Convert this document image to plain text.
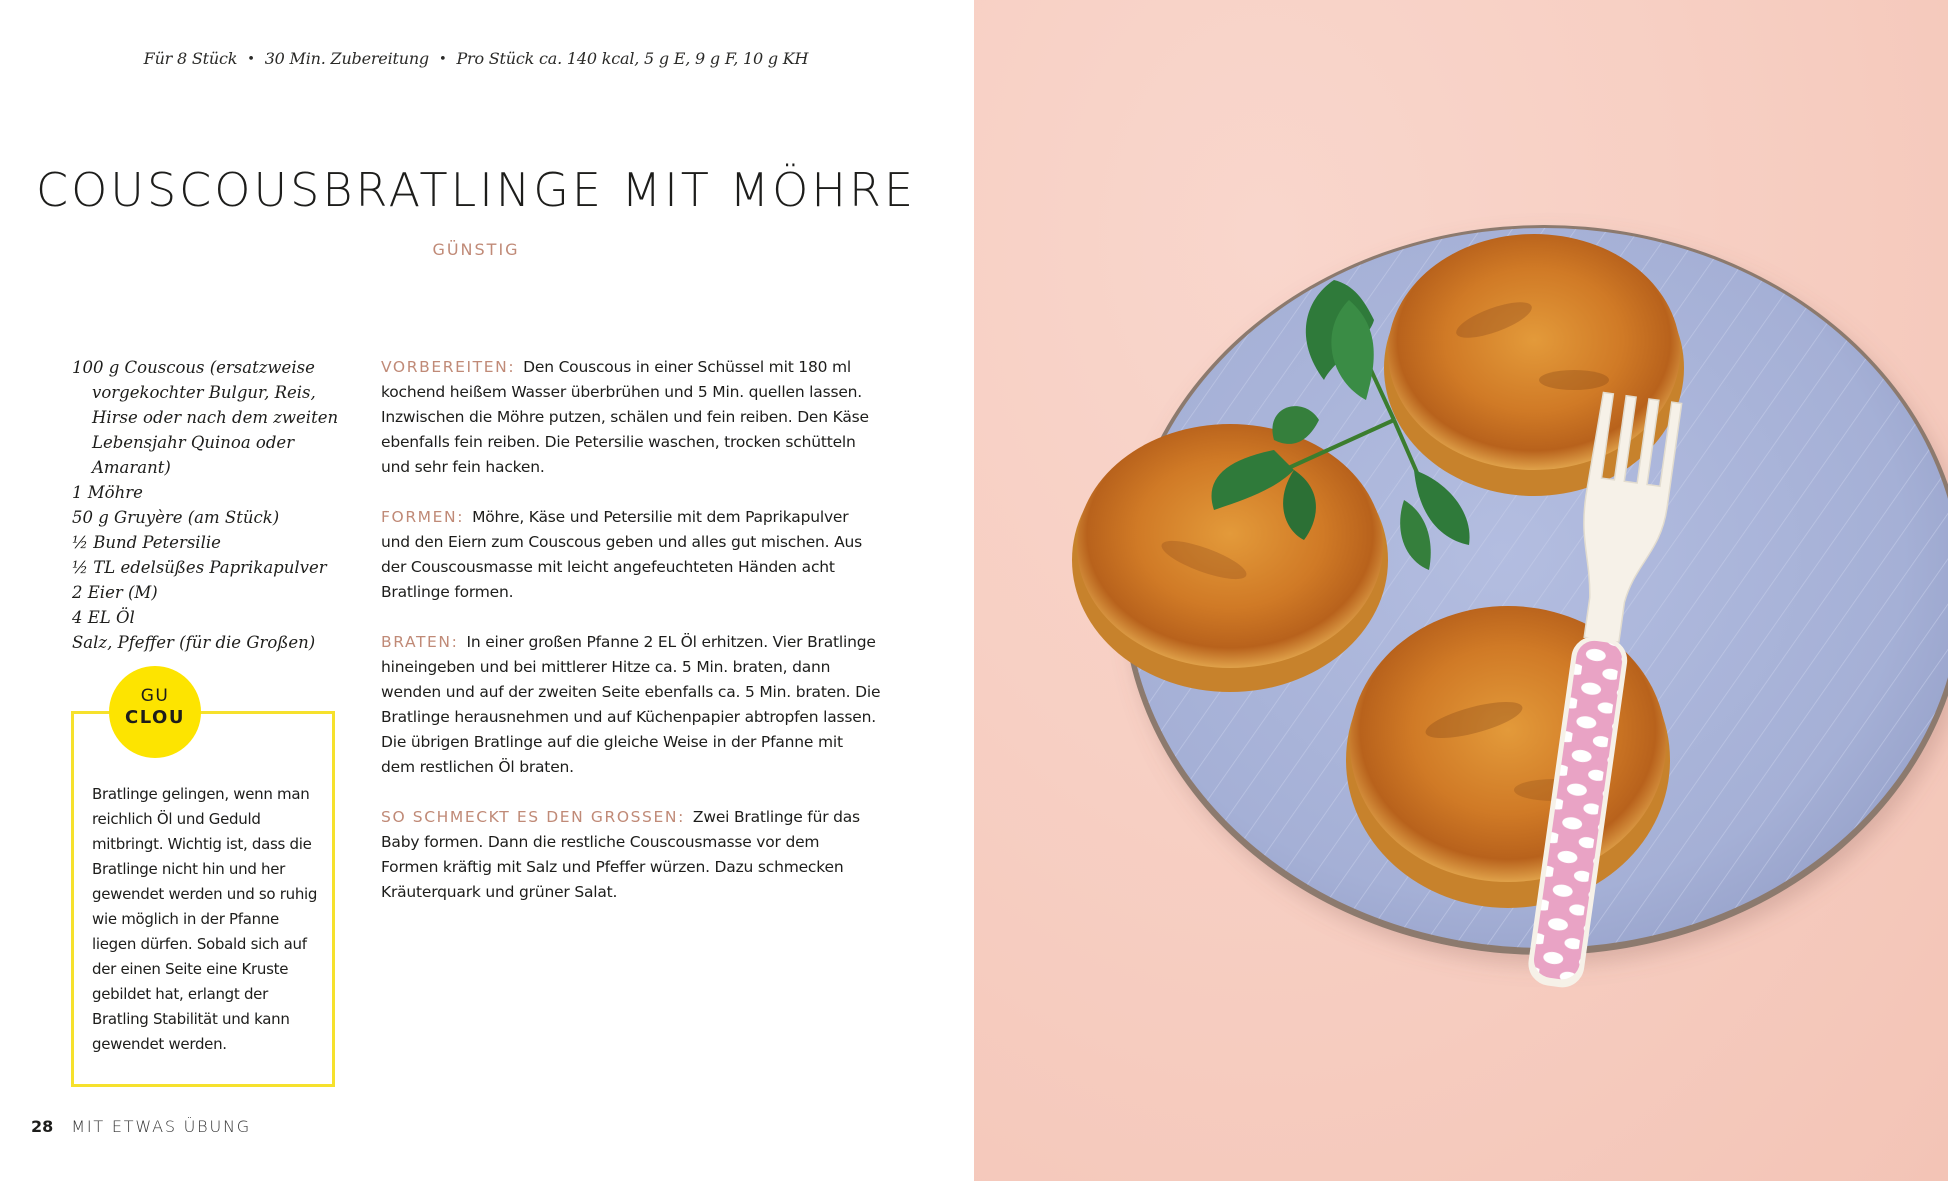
Für 8 Stück • 30 Min. Zubereitung • Pro Stück ca. 140 kcal, 5 g E, 9 g F, 10 g KH
COUSCOUSBRATLINGE MIT MÖHRE
GÜNSTIG
100 g Couscous (ersatzweise vorgekochter Bulgur, Reis, Hirse oder nach dem zweiten Lebensjahr Quinoa oder Amarant)
1 Möhre
50 g Gruyère (am Stück)
½ Bund Petersilie
½ TL edelsüßes Paprikapulver
2 Eier (M)
4 EL Öl
Salz, Pfeffer (für die Großen)
GU
CLOU
Bratlinge gelingen, wenn man reichlich Öl und Geduld mitbringt. Wichtig ist, dass die Bratlinge nicht hin und her gewendet werden und so ruhig wie möglich in der Pfanne liegen dürfen. Sobald sich auf der einen Seite eine Kruste gebildet hat, erlangt der Bratling Stabilität und kann gewendet werden.
VORBEREITEN: Den Couscous in einer Schüssel mit 180 ml kochend heißem Wasser überbrühen und 5 Min. quellen lassen. Inzwischen die Möhre putzen, schälen und fein reiben. Den Käse ebenfalls fein reiben. Die Petersilie waschen, trocken schütteln und sehr fein hacken.
FORMEN: Möhre, Käse und Petersilie mit dem Paprikapulver und den Eiern zum Couscous geben und alles gut mischen. Aus der Couscousmasse mit leicht angefeuchteten Händen acht Bratlinge formen.
BRATEN: In einer großen Pfanne 2 EL Öl erhitzen. Vier Bratlinge hineingeben und bei mittlerer Hitze ca. 5 Min. braten, dann wenden und auf der zweiten Seite ebenfalls ca. 5 Min. braten. Die Bratlinge herausnehmen und auf Küchenpapier abtropfen lassen. Die übrigen Bratlinge auf die gleiche Weise in der Pfanne mit dem restlichen Öl braten.
SO SCHMECKT ES DEN GROSSEN: Zwei Bratlinge für das Baby formen. Dann die restliche Couscousmasse vor dem Formen kräftig mit Salz und Pfeffer würzen. Dazu schmecken Kräuterquark und grüner Salat.
28 MIT ETWAS ÜBUNG
